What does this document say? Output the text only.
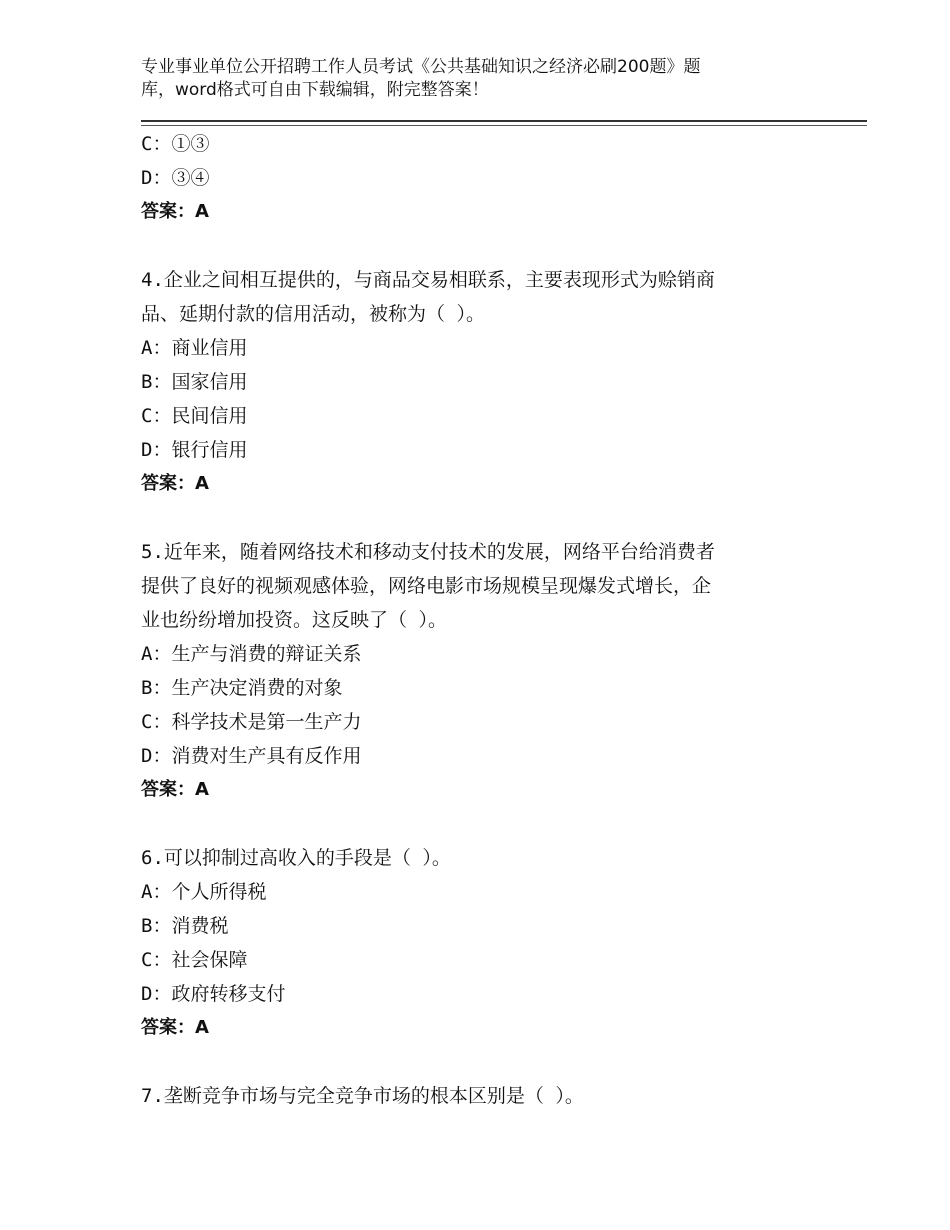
专业事业单位公开招聘工作人员考试《公共基础知识之经济必刷200题》题
库，word格式可自由下载编辑，附完整答案！
C：①③
D：③④
答案：A
4.企业之间相互提供的，与商品交易相联系，主要表现形式为赊销商
品、延期付款的信用活动，被称为（ ）。
A：商业信用
B：国家信用
C：民间信用
D：银行信用
答案：A
5.近年来，随着网络技术和移动支付技术的发展，网络平台给消费者
提供了良好的视频观感体验，网络电影市场规模呈现爆发式增长，企
业也纷纷增加投资。这反映了（ ）。
A：生产与消费的辩证关系
B：生产决定消费的对象
C：科学技术是第一生产力
D：消费对生产具有反作用
答案：A
6.可以抑制过高收入的手段是（ ）。
A：个人所得税
B：消费税
C：社会保障
D：政府转移支付
答案：A
7.垄断竞争市场与完全竞争市场的根本区别是（ ）。
